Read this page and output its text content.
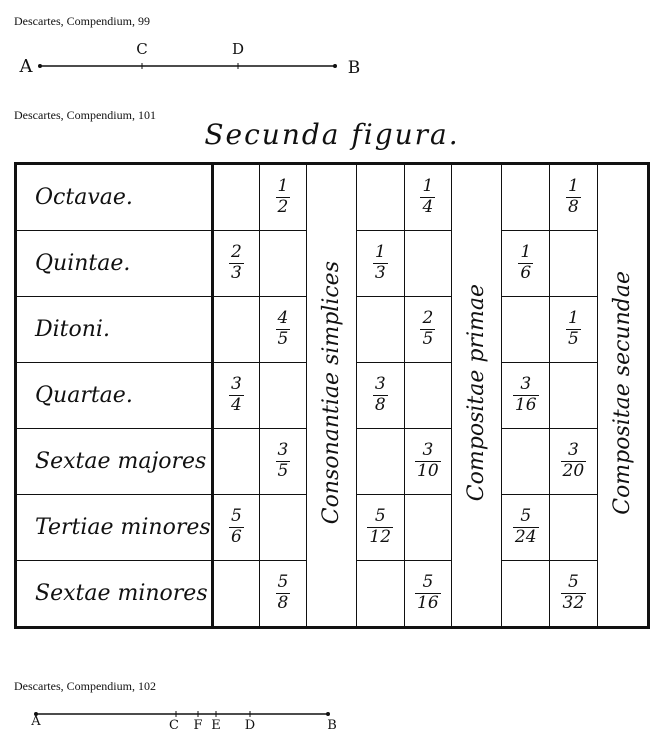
Descartes, Compendium, 99
A
C	D
B
Descartes, Compendium, 101
Secunda figura.
Octavae.		$\frac{1}{2}$	Consonantiae simplices		$\frac{1}{4}$	Compositae primae		$\frac{1}{8}$	Compositae secundae
Quintae.	$\frac{2}{3}$			$\frac{1}{3}$			$\frac{1}{6}$

Ditoni.		$\frac{4}{5}$			$\frac{2}{5}$			$\frac{1}{5}$

Quartae.	$\frac{3}{4}$			$\frac{3}{8}$			$\frac{3}{16}$

Sextae majores		$\frac{3}{5}$			$\frac{3}{10}$			$\frac{3}{20}$

Tertiae minores	$\frac{5}{6}$			$\frac{5}{12}$			$\frac{5}{24}$

Sextae minores		$\frac{5}{8}$			$\frac{5}{16}$			$\frac{5}{32}$
Descartes, Compendium, 102
A	C F E D	B
